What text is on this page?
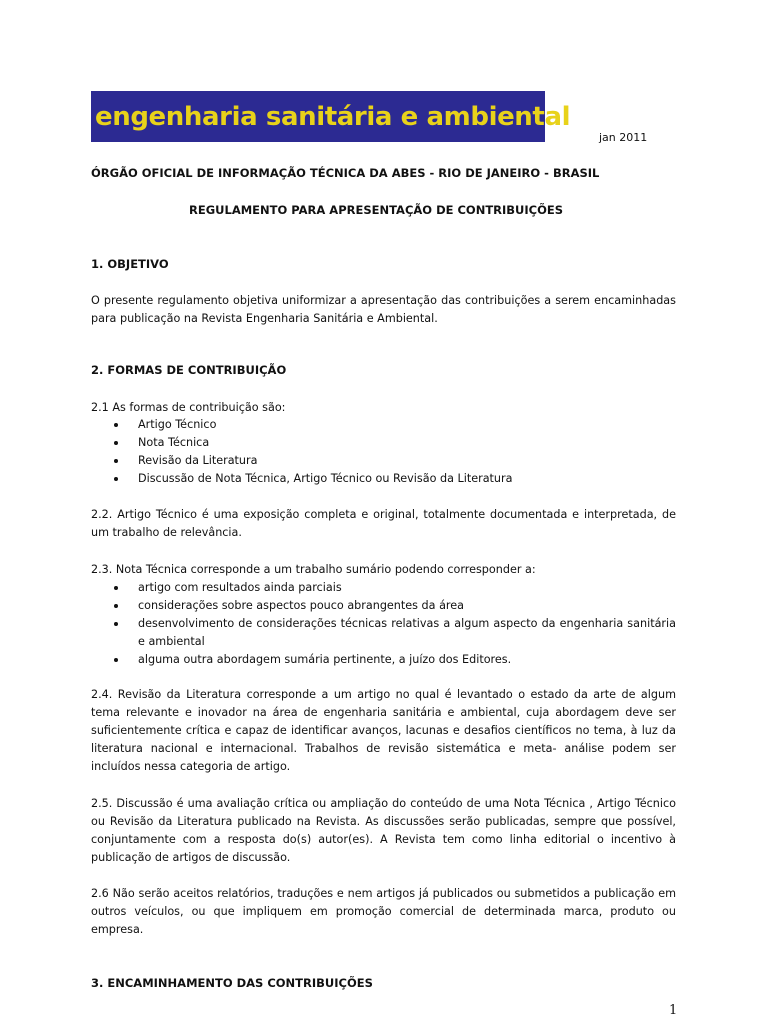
engenharia sanitária e ambiental
jan 2011
ÓRGÃO OFICIAL DE INFORMAÇÃO TÉCNICA DA ABES - RIO DE JANEIRO - BRASIL
REGULAMENTO PARA APRESENTAÇÃO DE CONTRIBUIÇÕES
1. OBJETIVO

O presente regulamento objetiva uniformizar a apresentação das contribuições a serem encaminhadas para publicação na Revista Engenharia Sanitária e Ambiental.

2. FORMAS DE CONTRIBUIÇÃO
2.1 As formas de contribuição são:
Artigo Técnico
Nota Técnica
Revisão da Literatura
Discussão de Nota Técnica, Artigo Técnico ou Revisão da Literatura

2.2. Artigo Técnico é uma exposição completa e original, totalmente documentada e interpretada, de um trabalho de relevância.

2.3. Nota Técnica corresponde a um trabalho sumário podendo corresponder a:
artigo com resultados ainda parciais
considerações sobre aspectos pouco abrangentes da área
desenvolvimento de considerações técnicas relativas a algum aspecto da engenharia sanitária e ambiental
alguma outra abordagem sumária pertinente, a juízo dos Editores.

2.4. Revisão da Literatura corresponde a um artigo no qual é levantado o estado da arte de algum tema relevante e inovador na área de engenharia sanitária e ambiental, cuja abordagem deve ser suficientemente crítica e capaz de identificar avanços, lacunas e desafios científicos no tema, à luz da literatura nacional e internacional. Trabalhos de revisão sistemática e meta- análise podem ser incluídos nessa categoria de artigo.

2.5. Discussão é uma avaliação crítica ou ampliação do conteúdo de uma Nota Técnica , Artigo Técnico ou Revisão da Literatura publicado na Revista. As discussões serão publicadas, sempre que possível, conjuntamente com a resposta do(s) autor(es). A Revista tem como linha editorial o incentivo à publicação de artigos de discussão.

2.6 Não serão aceitos relatórios, traduções e nem artigos já publicados ou submetidos a publicação em outros veículos, ou que impliquem em promoção comercial de determinada marca, produto ou empresa.

3. ENCAMINHAMENTO DAS CONTRIBUIÇÕES
1
